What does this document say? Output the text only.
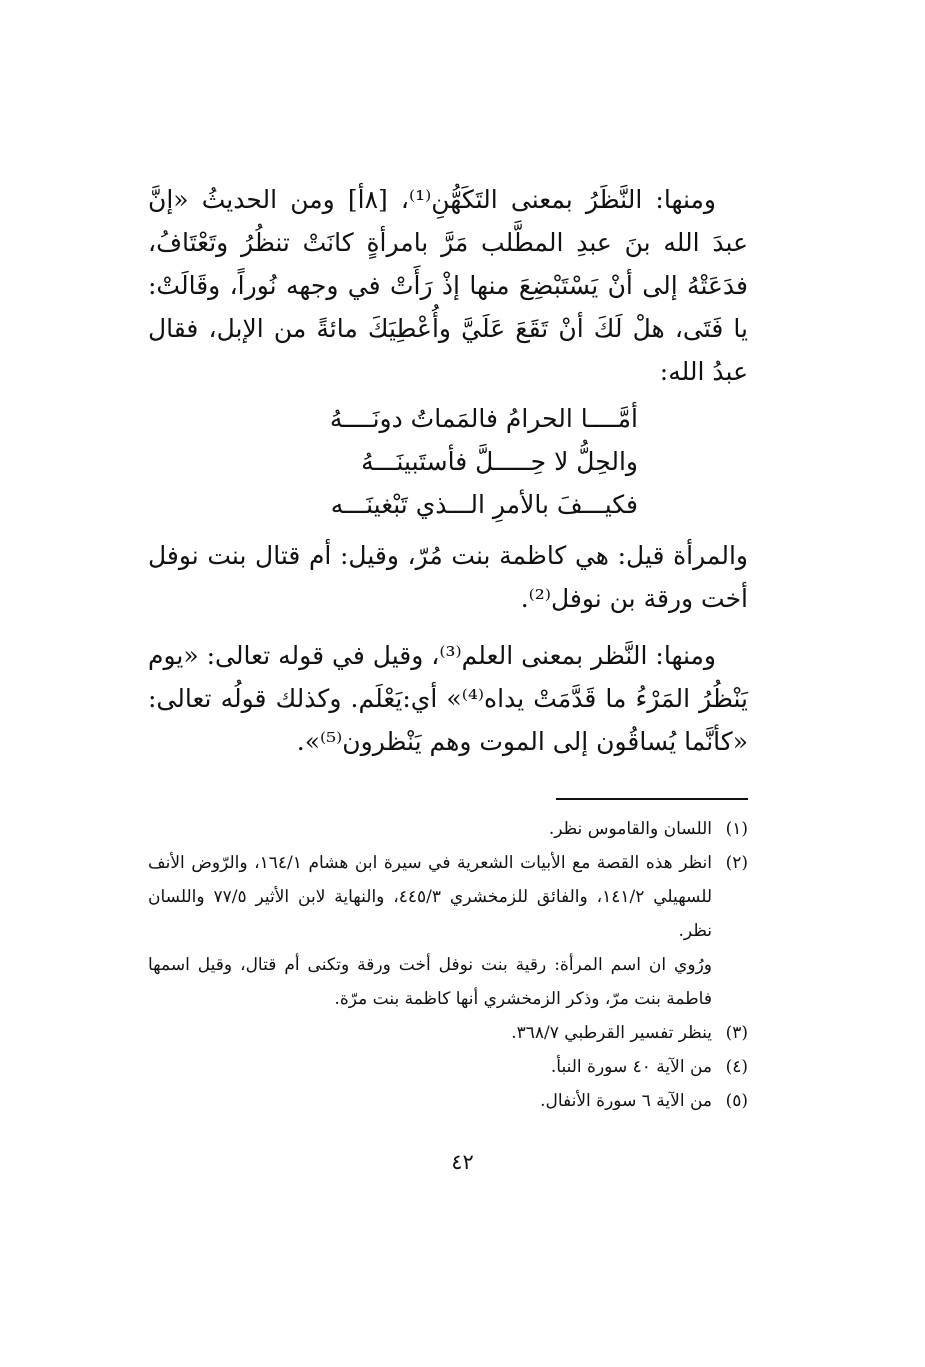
ومنها: النَّظَرُ بمعنى التَكَهُّنِ⁽¹⁾، [٨أ] ومن الحديثُ «إنَّ عبدَ الله بنَ عبدِ المطَّلب مَرَّ بامرأةٍ كانَتْ تنظُرُ وتَعْتَافُ، فدَعَتْهُ إلى أنْ يَسْتَبْضِعَ منها إذْ رَأَتْ في وجهه نُوراً، وقَالَتْ: يا فَتَى، هلْ لَكَ أنْ تَقَعَ عَلَيَّ وأُعْطِيَكَ مائةً من الإبل، فقال عبدُ الله:

أمَّــــا الحرامُ فالمَماتُ دونَــــهُ
والحِلُّ لا حِـــــلَّ فأستَبينَـــهُ
فكيـــفَ بالأمرِ الـــذي تَبْغينَـــه

والمرأة قيل: هي كاظمة بنت مُرّ، وقيل: أم قتال بنت نوفل أخت ورقة بن نوفل⁽²⁾.

ومنها: النَّظر بمعنى العلم⁽³⁾، وقيل في قوله تعالى: «يوم يَنْظُرُ المَرْءُ ما قَدَّمَتْ يداه⁽⁴⁾» أي:يَعْلَم. وكذلك قولُه تعالى: «كأنَّما يُساقُون إلى الموت وهم يَنْظرون⁽⁵⁾».

(١)
اللسان والقاموس نظر.
(٢)
انظر هذه القصة مع الأبيات الشعرية في سيرة ابن هشام ١٦٤/١، والرّوض الأنف للسهيلي ١٤١/٢، والفائق للزمخشري ٤٤٥/٣، والنهاية لابن الأثير ٧٧/٥ واللسان نظر.
ورُوي ان اسم المرأة: رقية بنت نوفل أخت ورقة وتكنى أم قتال، وقيل اسمها فاطمة بنت مرّ، وذكر الزمخشري أنها كاظمة بنت مرّة.
(٣)
ينظر تفسير القرطبي ٣٦٨/٧.
(٤)
من الآية ٤٠ سورة النبأ.
(٥)
من الآية ٦ سورة الأنفال.
٤٢
